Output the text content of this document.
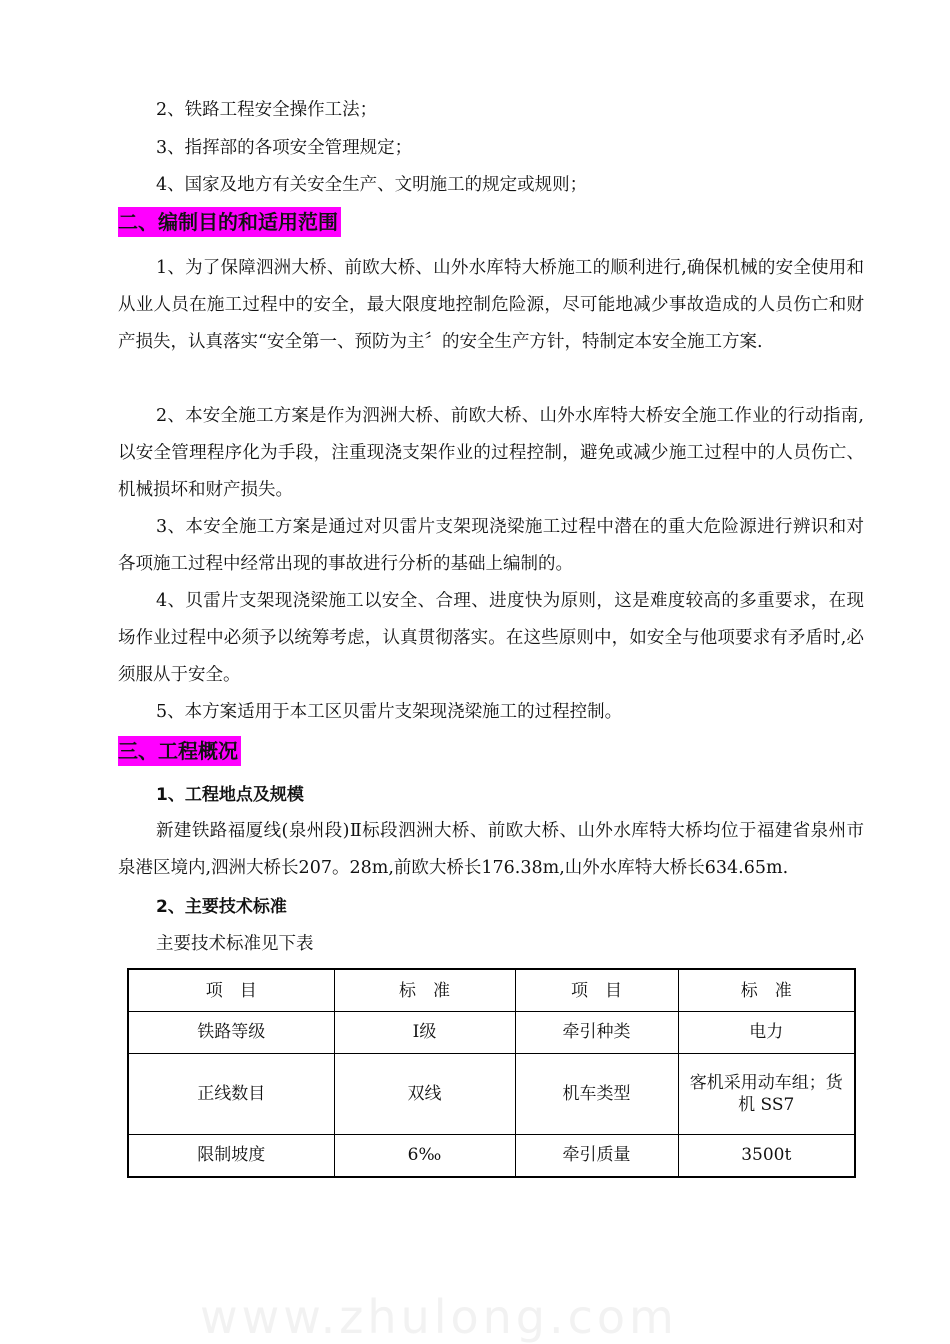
2、铁路工程安全操作工法；
3、指挥部的各项安全管理规定；
4、国家及地方有关安全生产、文明施工的规定或规则；
二、编制目的和适用范围
1、为了保障泗洲大桥、前欧大桥、山外水库特大桥施工的顺利进行,确保机械的安全使用和从业人员在施工过程中的安全，最大限度地控制危险源，尽可能地减少事故造成的人员伤亡和财产损失，认真落实“安全第一、预防为主〞的安全生产方针，特制定本安全施工方案.
2、本安全施工方案是作为泗洲大桥、前欧大桥、山外水库特大桥安全施工作业的行动指南,以安全管理程序化为手段，注重现浇支架作业的过程控制，避免或减少施工过程中的人员伤亡、机械损坏和财产损失。
3、本安全施工方案是通过对贝雷片支架现浇梁施工过程中潜在的重大危险源进行辨识和对各项施工过程中经常出现的事故进行分析的基础上编制的。
4、贝雷片支架现浇梁施工以安全、合理、进度快为原则，这是难度较高的多重要求，在现场作业过程中必须予以统筹考虑，认真贯彻落实。在这些原则中，如安全与他项要求有矛盾时,必须服从于安全。
5、本方案适用于本工区贝雷片支架现浇梁施工的过程控制。
三、工程概况
1、工程地点及规模
新建铁路福厦线(泉州段)Ⅱ标段泗洲大桥、前欧大桥、山外水库特大桥均位于福建省泉州市泉港区境内,泗洲大桥长207。28m,前欧大桥长176.38m,山外水库特大桥长634.65m.
2、主要技术标准
主要技术标准见下表
项　目	标　准	项　目	标　准
铁路等级	Ⅰ级	牵引种类	电力
正线数目	双线	机车类型	客机采用动车组；货机 SS7
限制坡度	6‰	牵引质量	3500t
www.zhulong.com
